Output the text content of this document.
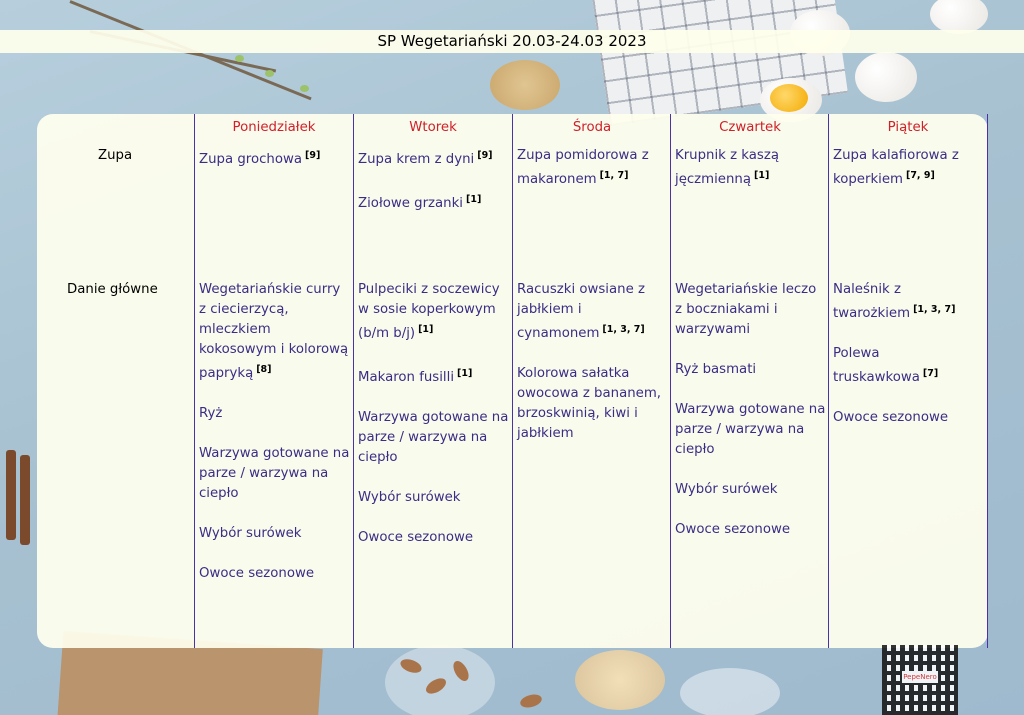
SP Wegetariański 20.03-24.03 2023
Zupa
Danie główne
Poniedziałek
Zupa grochowa [9]
Wegetariańskie curry z ciecierzycą, mleczkiem kokosowym i kolorową papryką [8]
Ryż
Warzywa gotowane na parze / warzywa na ciepło
Wybór surówek
Owoce sezonowe
Wtorek
Zupa krem z dyni [9]
Ziołowe grzanki [1]
Pulpeciki z soczewicy w sosie koperkowym (b/m b/j) [1]
Makaron fusilli [1]
Warzywa gotowane na parze / warzywa na ciepło
Wybór surówek
Owoce sezonowe
Środa
Zupa pomidorowa z makaronem [1, 7]
Racuszki owsiane z jabłkiem i cynamonem [1, 3, 7]
Kolorowa sałatka owocowa z bananem, brzoskwinią, kiwi i jabłkiem
Czwartek
Krupnik z kaszą jęczmienną [1]
Wegetariańskie leczo z boczniakami i warzywami
Ryż basmati
Warzywa gotowane na parze / warzywa na ciepło
Wybór surówek
Owoce sezonowe
Piątek
Zupa kalafiorowa z koperkiem [7, 9]
Naleśnik z twarożkiem [1, 3, 7]
Polewa truskawkowa [7]
Owoce sezonowe
PepeNero
